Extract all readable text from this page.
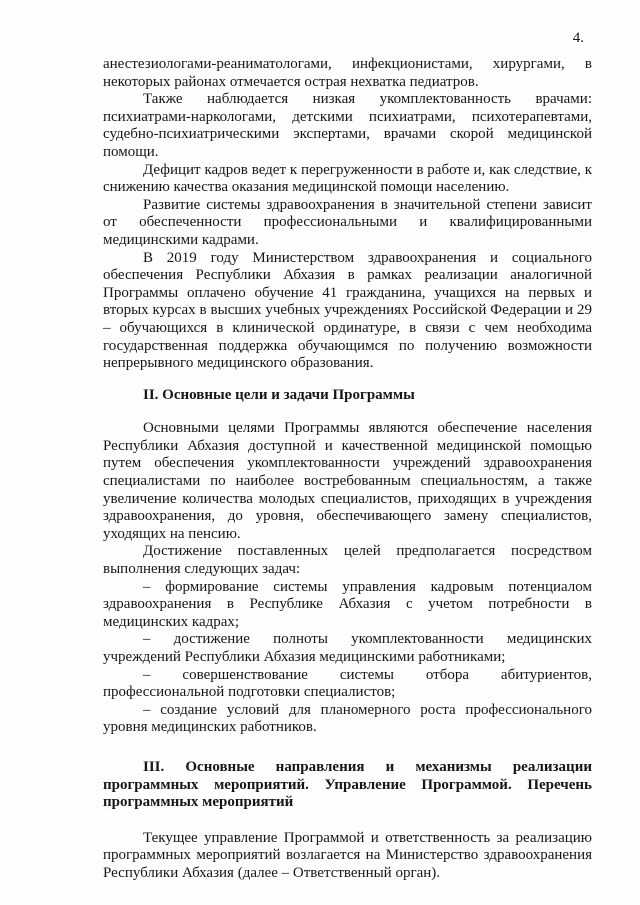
4.

анестезиологами-реаниматологами, инфекционистами, хирургами, в некоторых районах отмечается острая нехватка педиатров.

Также наблюдается низкая укомплектованность врачами: психиатрами-наркологами, детскими психиатрами, психотерапевтами, судебно-психиатрическими экспертами, врачами скорой медицинской помощи.

Дефицит кадров ведет к перегруженности в работе и, как следствие, к снижению качества оказания медицинской помощи населению.

Развитие системы здравоохранения в значительной степени зависит от обеспеченности профессиональными и квалифицированными медицинскими кадрами.

В 2019 году Министерством здравоохранения и социального обеспечения Республики Абхазия в рамках реализации аналогичной Программы оплачено обучение 41 гражданина, учащихся на первых и вторых курсах в высших учебных учреждениях Российской Федерации и 29 – обучающихся в клинической ординатуре, в связи с чем необходима государственная поддержка обучающимся по получению возможности непрерывного медицинского образования.

II. Основные цели и задачи Программы

Основными целями Программы являются обеспечение населения Республики Абхазия доступной и качественной медицинской помощью путем обеспечения укомплектованности учреждений здравоохранения специалистами по наиболее востребованным специальностям, а также увеличение количества молодых специалистов, приходящих в учреждения здравоохранения, до уровня, обеспечивающего замену специалистов, уходящих на пенсию.

Достижение поставленных целей предполагается посредством выполнения следующих задач:

– формирование системы управления кадровым потенциалом здравоохранения в Республике Абхазия с учетом потребности в медицинских кадрах;

– достижение полноты укомплектованности медицинских учреждений Республики Абхазия медицинскими работниками;

– совершенствование системы отбора абитуриентов, профессиональной подготовки специалистов;

– создание условий для планомерного роста профессионального уровня медицинских работников.

III. Основные направления и механизмы реализации программных мероприятий. Управление Программой. Перечень программных мероприятий

Текущее управление Программой и ответственность за реализацию программных мероприятий возлагается на Министерство здравоохранения Республики Абхазия (далее – Ответственный орган).
